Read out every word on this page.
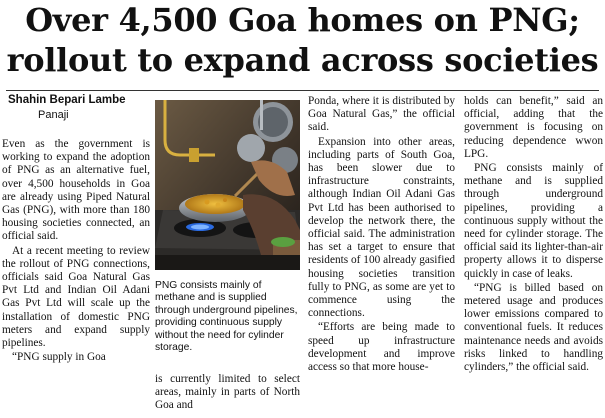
Over 4,500 Goa homes on PNG;
rollout to expand across societies
Shahin Bepari Lambe
Panaji

Even as the government is working to expand the adoption of PNG as an alternative fuel, over 4,500 households in Goa are already using Piped Natural Gas (PNG), with more than 180 housing societies connected, an official said.

At a recent meeting to review the rollout of PNG connections, officials said Goa Natural Gas Pvt Ltd and Indian Oil Adani Gas Pvt Ltd will scale up the installation of domestic PNG meters and expand supply pipelines.

“PNG supply in Goa

PNG consists mainly of methane and is supplied through underground pipelines, providing continuous supply without the need for cylinder storage.

is currently limited to select areas, mainly in parts of North Goa and

Ponda, where it is distributed by Goa Natural Gas,” the official said.

Expansion into other areas, including parts of South Goa, has been slower due to infrastructure constraints, although Indian Oil Adani Gas Pvt Ltd has been authorised to develop the network there, the official said. The administration has set a target to ensure that residents of 100 already gasified housing societies transition fully to PNG, as some are yet to commence using the connections.

“Efforts are being made to speed up infrastructure development and improve access so that more house-

holds can benefit,” said an official, adding that the government is focusing on reducing dependence wwon LPG.

PNG consists mainly of methane and is supplied through underground pipelines, providing a continuous supply without the need for cylinder storage. The official said its lighter-than-air property allows it to disperse quickly in case of leaks.

“PNG is billed based on metered usage and produces lower emissions compared to conventional fuels. It reduces maintenance needs and avoids risks linked to handling cylinders,” the official said.
